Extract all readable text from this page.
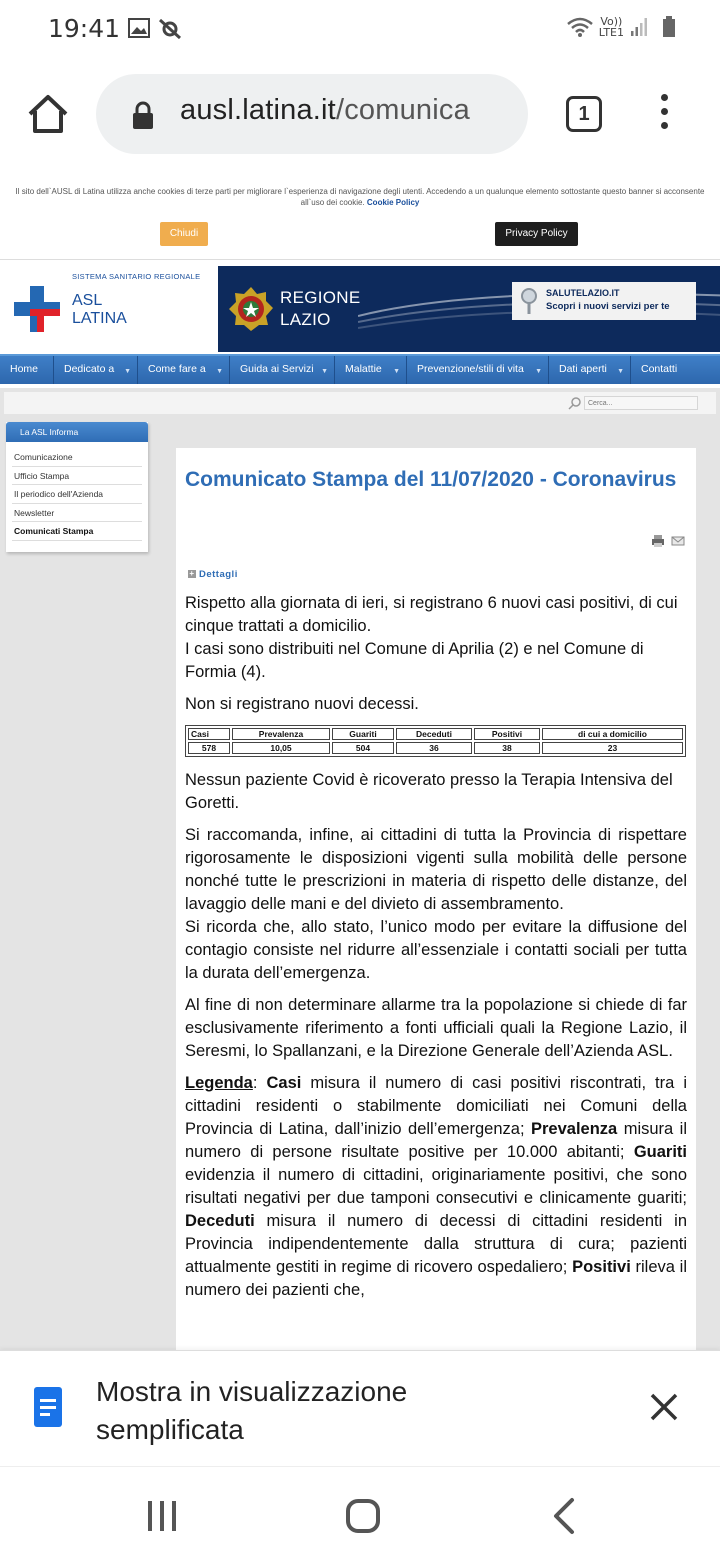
19:41	Vo))
LTE1
ausl.latina.it/comunica	1

Il sito dell`AUSL di Latina utilizza anche cookies di terze parti per migliorare l`esperienza di navigazione degli utenti. Accedendo a un qualunque elemento sottostante questo banner si acconsente all`uso dei cookie. Cookie Policy

Chiudi	Privacy Policy
SISTEMA SANITARIO REGIONALE
ASL
LATINA
REGIONE
LAZIO
SALUTELAZIO.IT
Scopri i nuovi servizi per te
Home	Dedicato a ▼	Come fare a ▼	Guida ai Servizi ▼	Malattie ▼	Prevenzione/stili di vita ▼	Dati aperti ▼	Contatti
Cerca...
La ASL Informa
Comunicazione
Ufficio Stampa
Il periodico dell'Azienda
Newsletter
Comunicati Stampa
Comunicato Stampa del 11/07/2020 - Coronavirus
+ Dettagli

Rispetto alla giornata di ieri, si registrano 6 nuovi casi positivi, di cui cinque trattati a domicilio.
I casi sono distribuiti nel Comune di Aprilia (2) e nel Comune di Formia (4).

Non si registrano nuovi decessi.

Casi	Prevalenza	Guariti	Deceduti	Positivi	di cui a domicilio
578	10,05	504	36	38	23

Nessun paziente Covid è ricoverato presso la Terapia Intensiva del Goretti.

Si raccomanda, infine, ai cittadini di tutta la Provincia di rispettare rigorosamente le disposizioni vigenti sulla mobilità delle persone nonché tutte le prescrizioni in materia di rispetto delle distanze, del lavaggio delle mani e del divieto di assembramento.
Si ricorda che, allo stato, l’unico modo per evitare la diffusione del contagio consiste nel ridurre all’essenziale i contatti sociali per tutta la durata dell’emergenza.

Al fine di non determinare allarme tra la popolazione si chiede di far esclusivamente riferimento a fonti ufficiali quali la Regione Lazio, il Seresmi, lo Spallanzani, e la Direzione Generale dell’Azienda ASL.

Legenda: Casi misura il numero di casi positivi riscontrati, tra i cittadini residenti o stabilmente domiciliati nei Comuni della Provincia di Latina, dall’inizio dell’emergenza; Prevalenza misura il numero di persone risultate positive per 10.000 abitanti; Guariti evidenzia il numero di cittadini, originariamente positivi, che sono risultati negativi per due tamponi consecutivi e clinicamente guariti; Deceduti misura il numero di decessi di cittadini residenti in Provincia indipendentemente dalla struttura di cura; pazienti attualmente gestiti in regime di ricovero ospedaliero; Positivi rileva il numero dei pazienti che,

Mostra in visualizzazione
semplificata
